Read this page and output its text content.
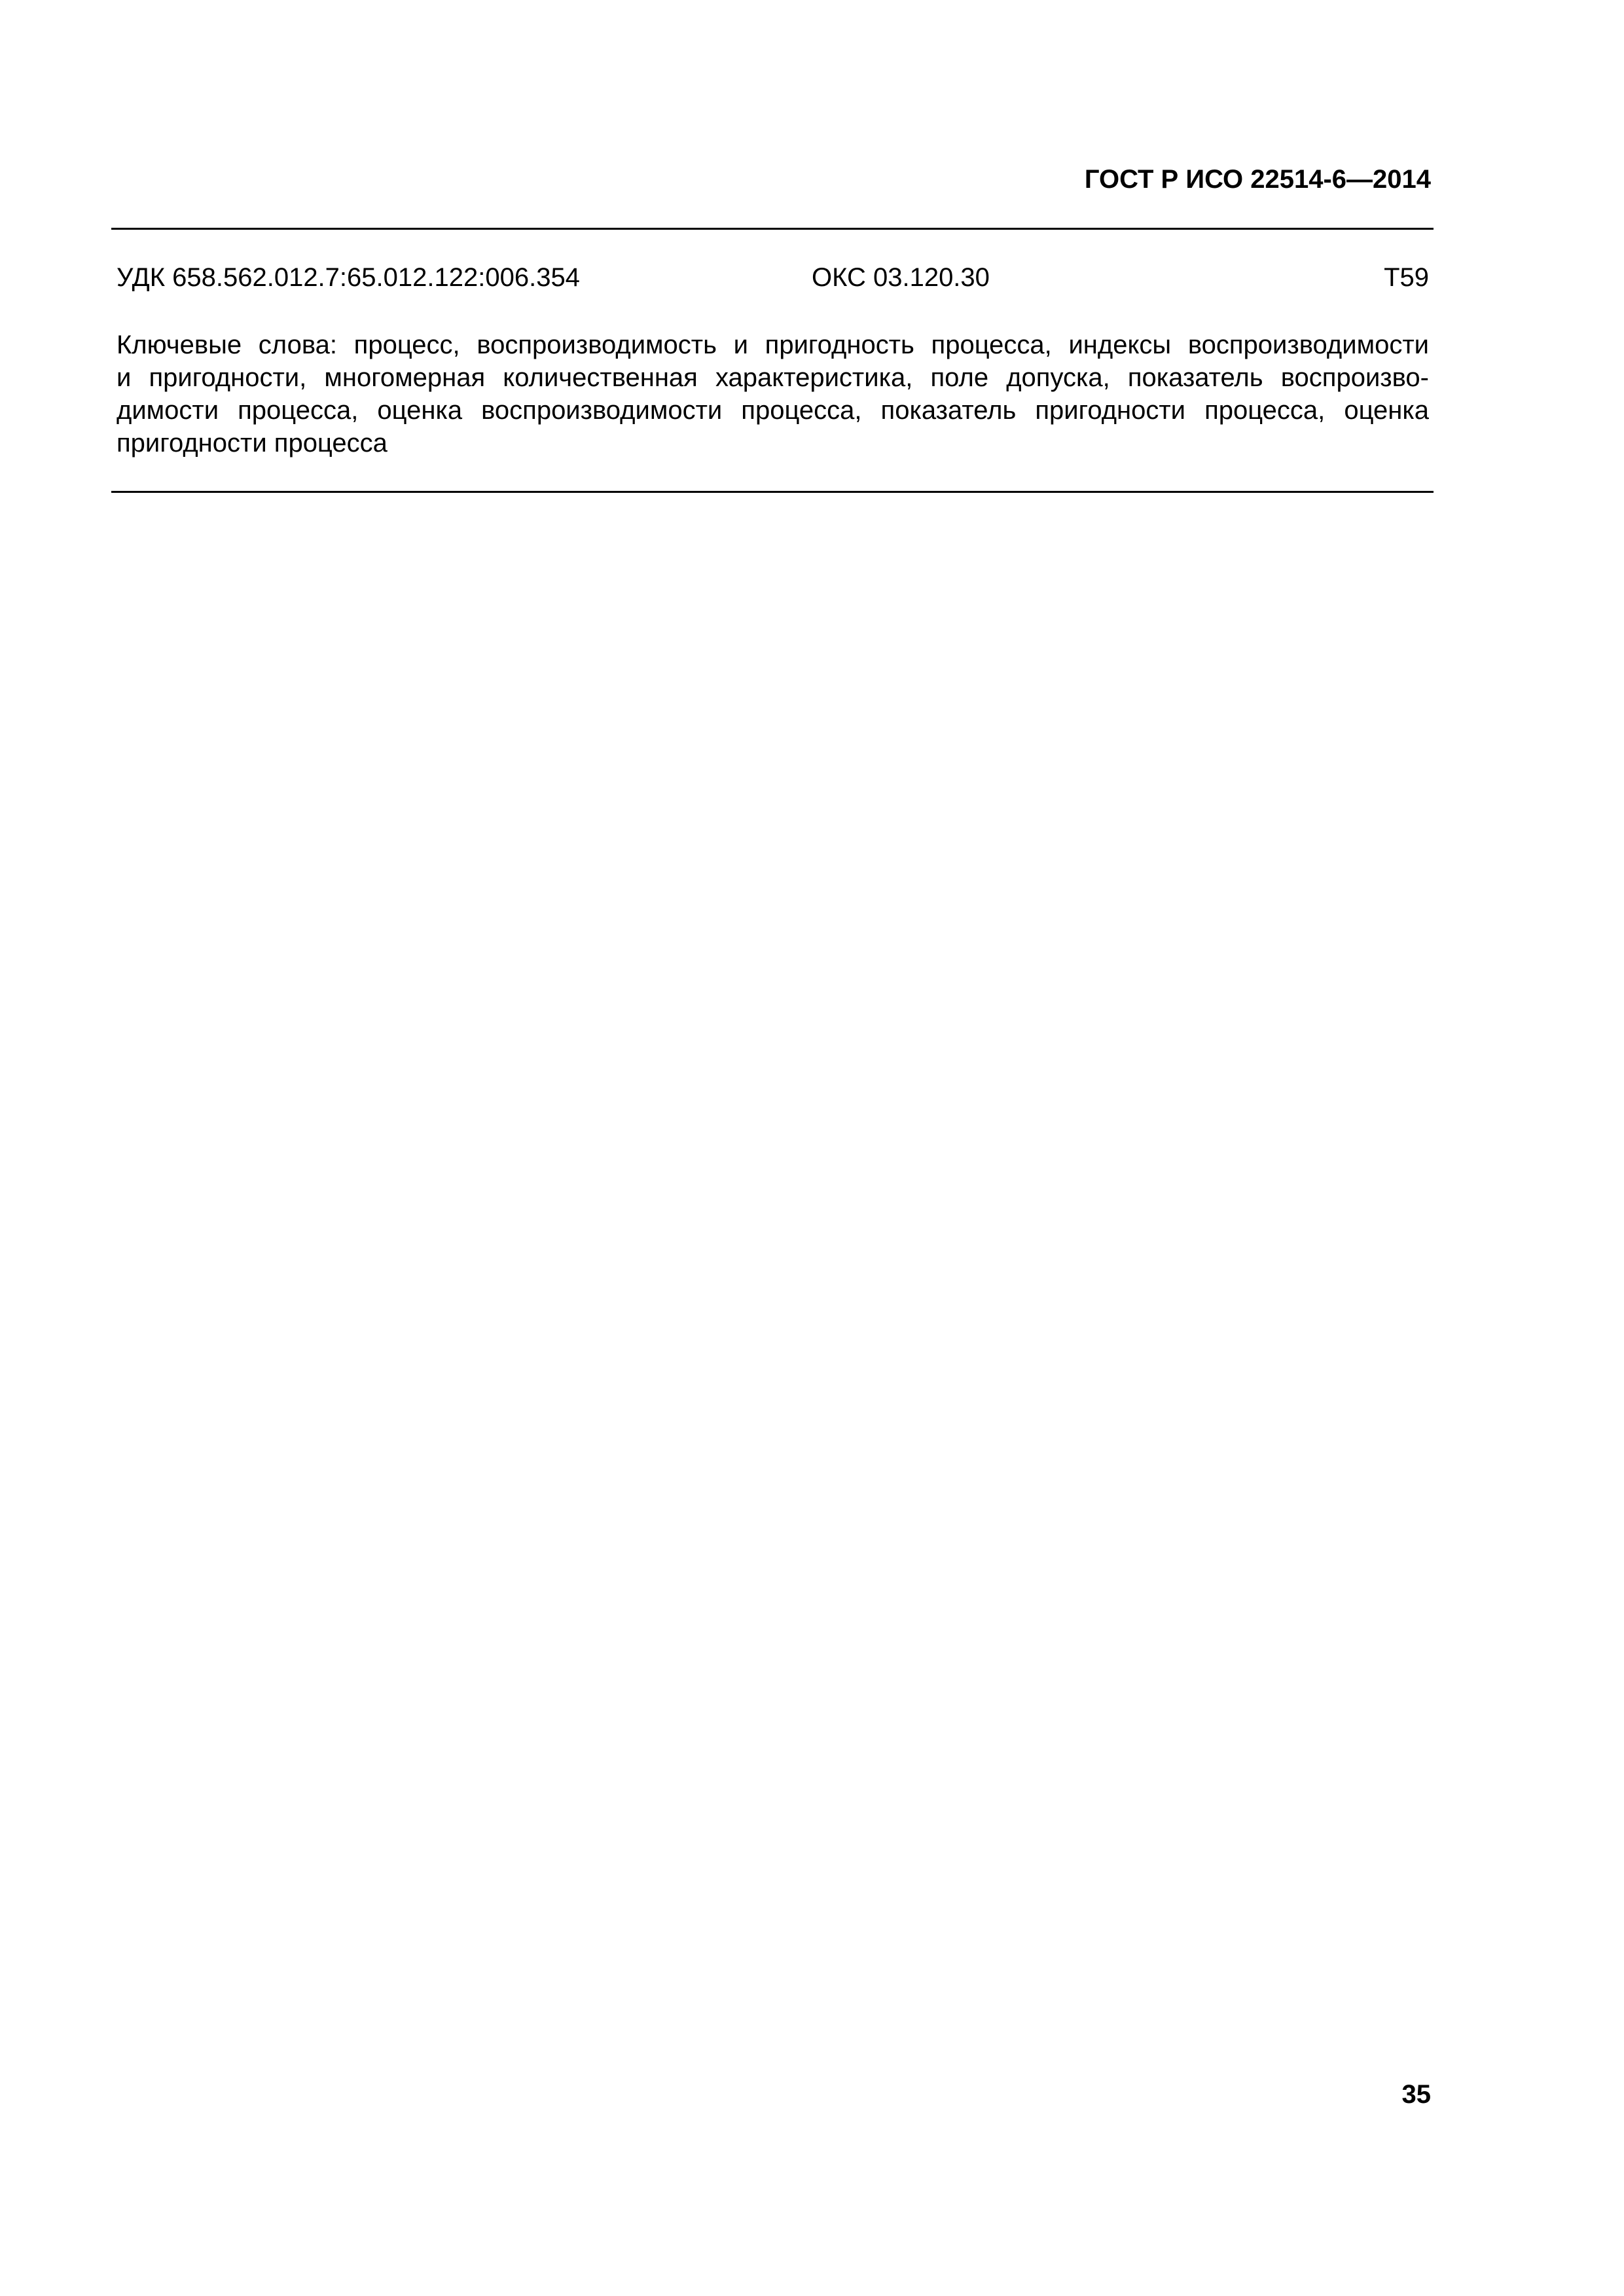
ГОСТ Р ИСО 22514-6—2014
УДК 658.562.012.7:65.012.122:006.354	ОКС 03.120.30	Т59
Ключевые слова: процесс, воспроизводимость и пригодность процесса, индексы воспроизводимости
и пригодности, многомерная количественная характеристика, поле допуска, показатель воспроизво-
димости процесса, оценка воспроизводимости процесса, показатель пригодности процесса, оценка
пригодности процесса
35
